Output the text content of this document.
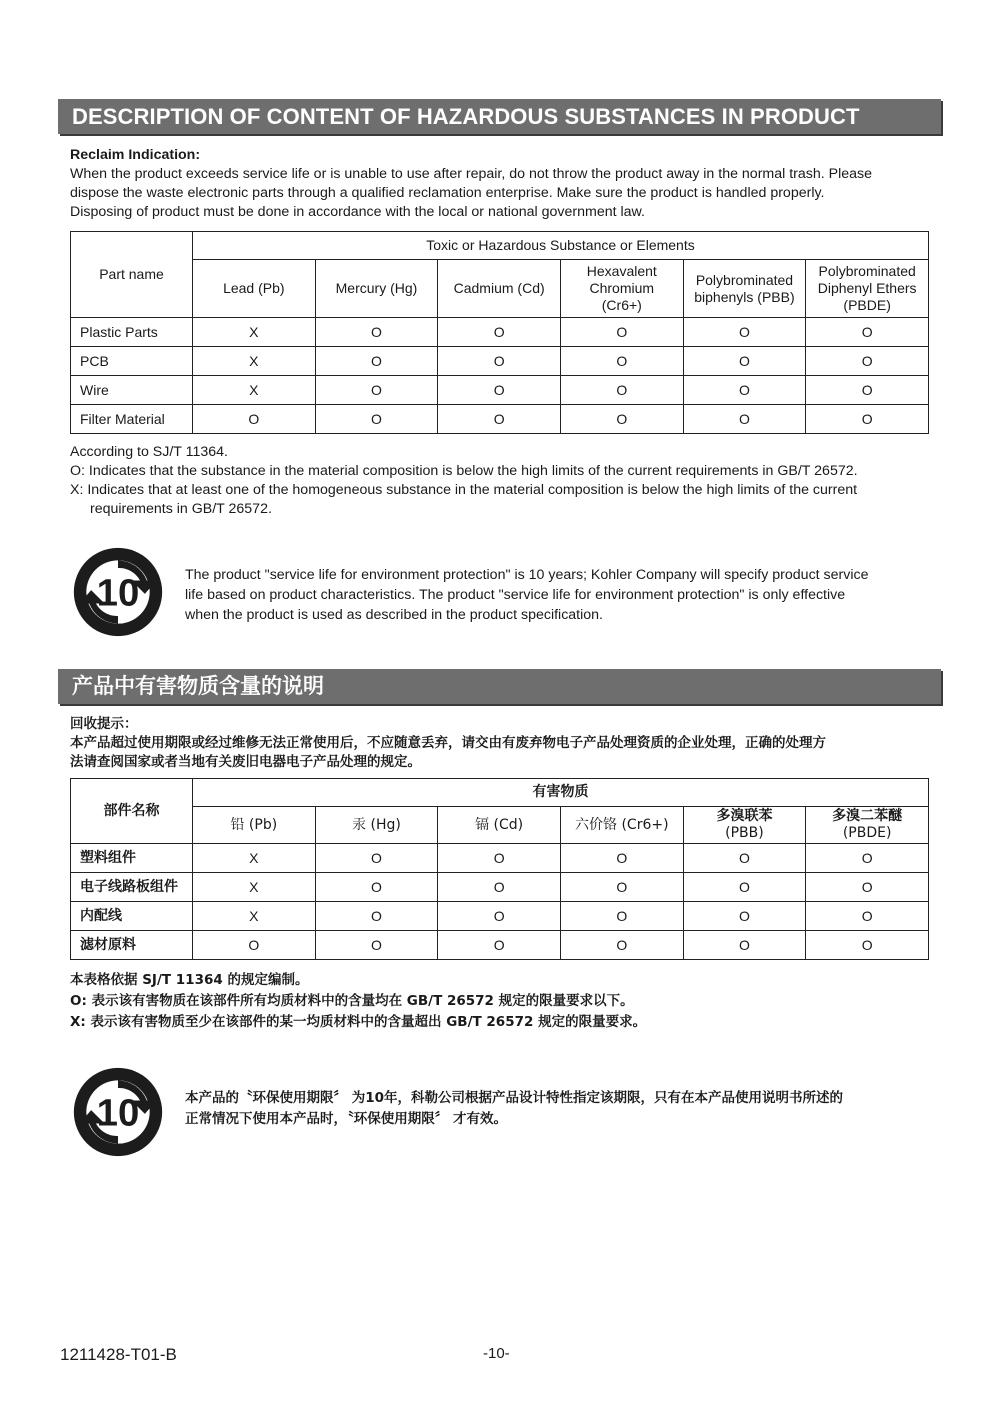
DESCRIPTION OF CONTENT OF HAZARDOUS SUBSTANCES IN PRODUCT
Reclaim Indication:
When the product exceeds service life or is unable to use after repair, do not throw the product away in the normal trash. Please
dispose the waste electronic parts through a qualified reclamation enterprise. Make sure the product is handled properly.
Disposing of product must be done in accordance with the local or national government law.
Part name	Toxic or Hazardous Substance or Elements					
	Lead (Pb)	Mercury (Hg)	Cadmium (Cd)	Hexavalent
Chromium
(Cr6+)	Polybrominated
biphenyls (PBB)	Polybrominated
Diphenyl Ethers
(PBDE)
Plastic Parts	X	O	O	O	O	O
PCB	X	O	O	O	O	O
Wire	X	O	O	O	O	O
Filter Material	O	O	O	O	O	O
According to SJ/T 11364.
O: Indicates that the substance in the material composition is below the high limits of the current requirements in GB/T 26572.
X: Indicates that at least one of the homogeneous substance in the material composition is below the high limits of the current
requirements in GB/T 26572.
10	The product "service life for environment protection" is 10 years; Kohler Company will specify product service
life based on product characteristics. The product "service life for environment protection" is only effective
when the product is used as described in the product specification.
产品中有害物质含量的说明
回收提示：
本产品超过使用期限或经过维修无法正常使用后，不应随意丢弃，请交由有废弃物电子产品处理资质的企业处理，正确的处理方
法请查阅国家或者当地有关废旧电器电子产品处理的规定。
部件名称	有害物质					
	铅 (Pb)	汞 (Hg)	镉 (Cd)	六价铬 (Cr6+)	多溴联苯
(PBB)	多溴二苯醚
(PBDE)
塑料组件	X	O	O	O	O	O
电子线路板组件	X	O	O	O	O	O
内配线	X	O	O	O	O	O
滤材原料	O	O	O	O	O	O
本表格依据 SJ/T 11364 的规定编制。
O: 表示该有害物质在该部件所有均质材料中的含量均在 GB/T 26572 规定的限量要求以下。
X: 表示该有害物质至少在该部件的某一均质材料中的含量超出 GB/T 26572 规定的限量要求。
10	本产品的〝环保使用期限〞 为10年，科勒公司根据产品设计特性指定该期限，只有在本产品使用说明书所述的
正常情况下使用本产品时，〝环保使用期限〞 才有效。
1211428-T01-B	-10-
